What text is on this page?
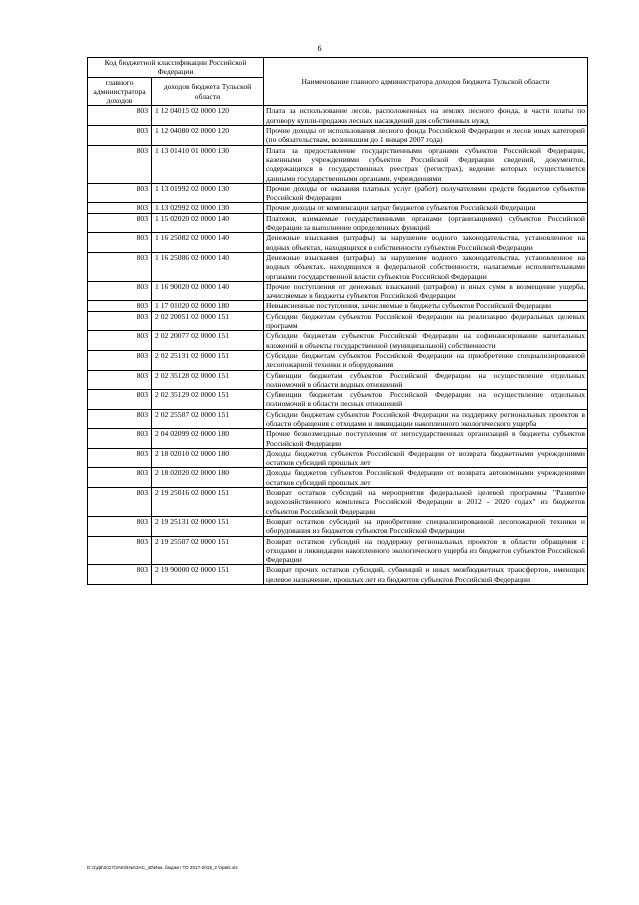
6
Код бюджетной классификации Российской Федерации		Наименование главного администратора доходов бюджета Тульской области
главного администратора доходов	доходов бюджета Тульской области	
803	1 12 04015 02 0000 120	Плата за использование лесов, расположенных на землях лесного фонда, в части платы по договору купли-продажи лесных насаждений для собственных нужд
803	1 12 04080 02 0000 120	Прочие доходы от использования лесного фонда Российской Федерации и лесов иных категорий (по обязательствам, возникшим до 1 января 2007 года)
803	1 13 01410 01 0000 130	Плата за предоставление государственными органами субъектов Российской Федерации, казенными учреждениями субъектов Российской Федерации сведений, документов, содержащихся в государственных реестрах (регистрах), ведение которых осуществляется данными государственными органами, учреждениями
803	1 13 01992 02 0000 130	Прочие доходы от оказания платных услуг (работ) получателями средств бюджетов субъектов Российской Федерации
803	1 13 02992 02 0000 130	Прочие доходы от компенсации затрат бюджетов субъектов Российской Федерации
803	1 15 02020 02 0000 140	Платежи, взимаемые государственными органами (организациями) субъектов Российской Федерации за выполнение определенных функций
803	1 16 25082 02 0000 140	Денежные взыскания (штрафы) за нарушение водного законодательства, установленное на водных объектах, находящихся в собственности субъектов Российской Федерации
803	1 16 25086 02 0000 140	Денежные взыскания (штрафы) за нарушение водного законодательства, установленное на водных объектах, находящихся в федеральной собственности, налагаемые исполнительными органами государственной власти субъектов Российской Федерации
803	1 16 90020 02 0000 140	Прочие поступления от денежных взысканий (штрафов) и иных сумм в возмещение ущерба, зачисляемые в бюджеты субъектов Российской Федерации
803	1 17 01020 02 0000 180	Невыясненные поступления, зачисляемые в бюджеты субъектов Российской Федерации
803	2 02 20051 02 0000 151	Субсидии бюджетам субъектов Российской Федерации на реализацию федеральных целевых программ
803	2 02 20077 02 0000 151	Субсидии бюджетам субъектов Российской Федерации на софинансирование капитальных вложений в объекты государственной (муниципальной) собственности
803	2 02 25131 02 0000 151	Субсидии бюджетам субъектов Российской Федерации на приобретение специализированной лесопожарной техники и оборудования
803	2 02 35128 02 0000 151	Субвенции бюджетам субъектов Российской Федерации на осуществление отдельных полномочий в области водных отношений
803	2 02 35129 02 0000 151	Субвенции бюджетам субъектов Российской Федерации на осуществление отдельных полномочий в области лесных отношений
803	2 02 25507 02 0000 151	Субсидии бюджетам субъектов Российской Федерации на поддержку региональных проектов в области обращения с отходами и ликвидации накопленного экологического ущерба
803	2 04 02099 02 0000 180	Прочие безвозмездные поступления от негосударственных организаций в бюджеты субъектов Российской Федерации
803	2 18 02010 02 0000 180	Доходы бюджетов субъектов Российской Федерации от возврата бюджетными учреждениями остатков субсидий прошлых лет
803	2 18 02020 02 0000 180	Доходы бюджетов субъектов Российской Федерации от возврата автономными учреждениями остатков субсидий прошлых лет
803	2 19 25016 02 0000 151	Возврат остатков субсидий на мероприятия федеральной целевой программы "Развитие водохозяйственного комплекса Российской Федерации в 2012 - 2020 годах" из бюджетов субъектов Российской Федерации
803	2 19 25131 02 0000 151	Возврат остатков субсидий на приобретение специализированной лесопожарной техники и оборудования из бюджетов субъектов Российской Федерации
803	2 19 25507 02 0000 151	Возврат остатков субсидий на поддержку региональных проектов в области обращения с отходами и ликвидации накопленного экологического ущерба из бюджетов субъектов Российской Федерации
803	2 19 90000 02 0000 151	Возврат прочих остатков субсидий, субвенций и иных межбюджетных трансфертов, имеющих целевое назначение, прошлых лет из бюджетов субъектов Российской Федерации
D:\1\Д6\2017\ЗАКОНЫ\ЗАС_40\Изм. бюджет ТО 2017-2019_2 \приl2.xls
